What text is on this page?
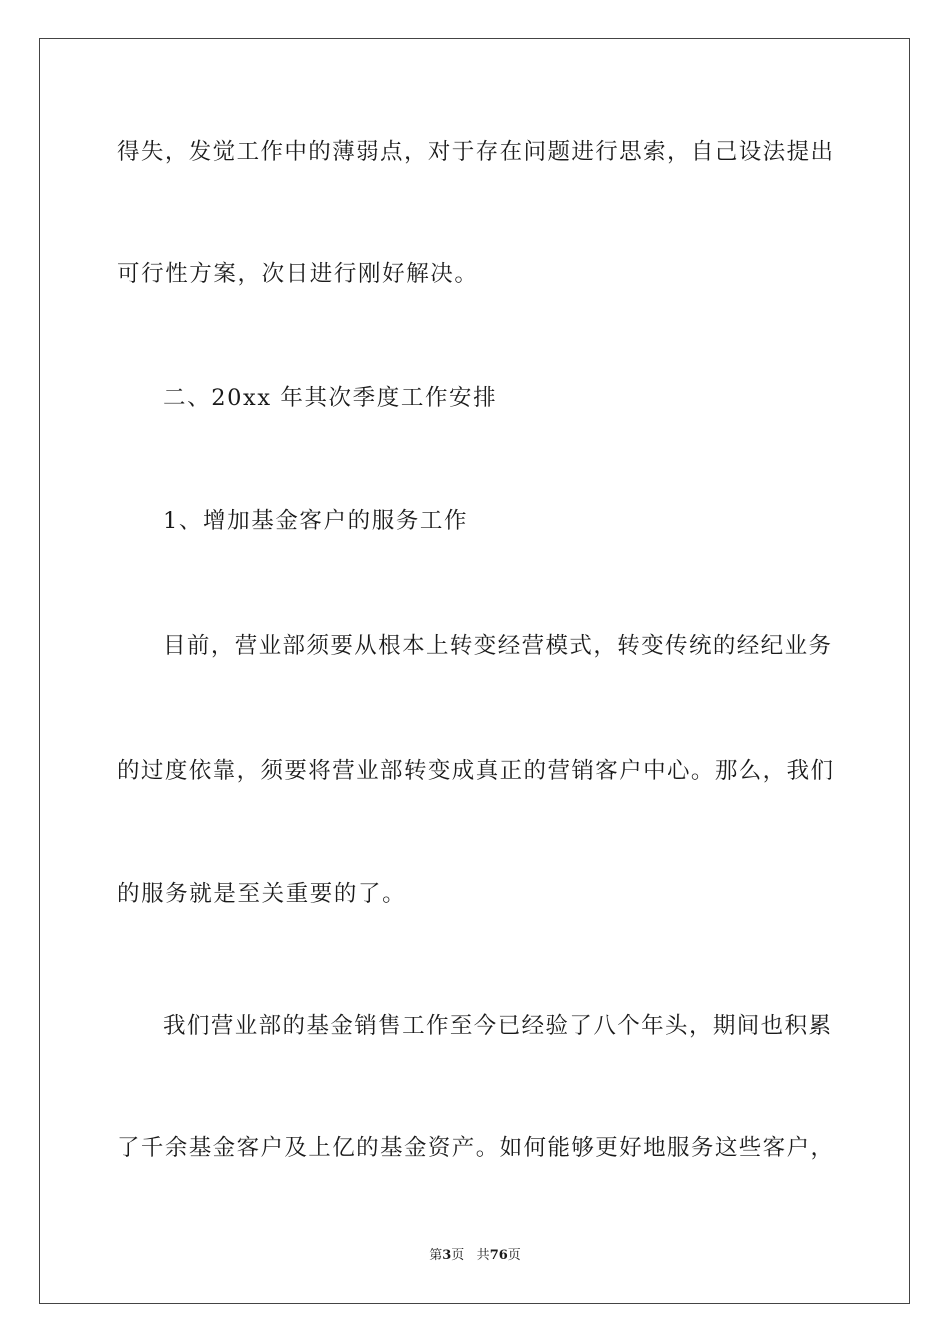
得失，发觉工作中的薄弱点，对于存在问题进行思索，自己设法提出
可行性方案，次日进行刚好解决。
二、20xx 年其次季度工作安排
1、增加基金客户的服务工作
目前，营业部须要从根本上转变经营模式，转变传统的经纪业务
的过度依靠，须要将营业部转变成真正的营销客户中心。那么，我们
的服务就是至关重要的了。
我们营业部的基金销售工作至今已经验了八个年头，期间也积累
了千余基金客户及上亿的基金资产。如何能够更好地服务这些客户，
第3页 共76页
